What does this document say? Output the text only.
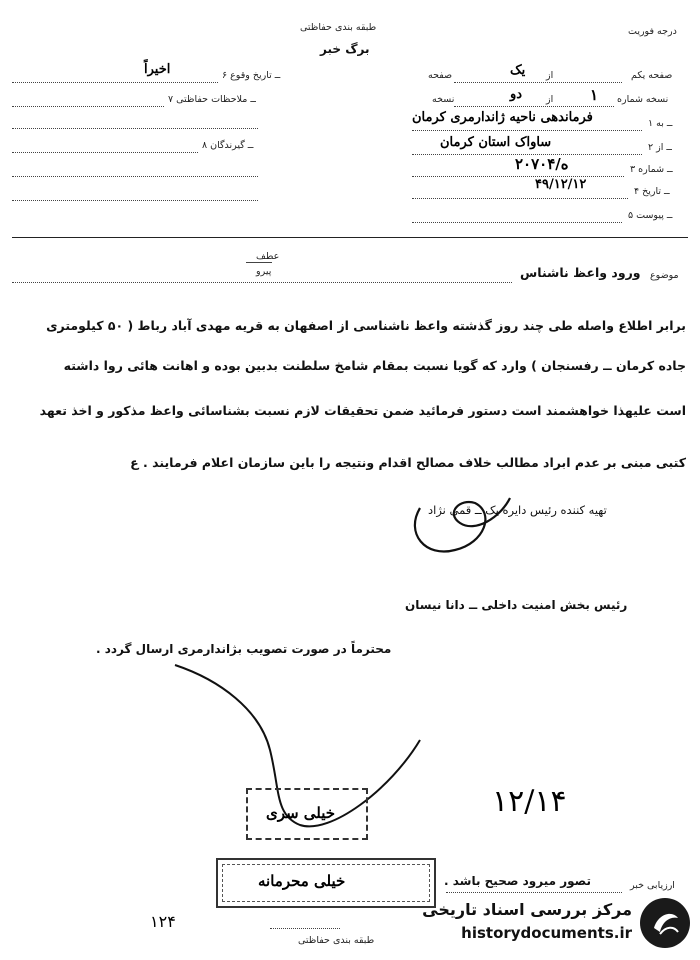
طبقه بندی حفاظتی
برگ خبر
درجه فوریت
صفحه یکم
از
یک
صفحه
نسخه شماره
۱
از
دو
نسخه
۱ ــ به
فرماندهی ناحیه ژاندارمری کرمان
۲ ــ از
ساواک استان کرمان
۳ ــ شماره
۲۰۷۰۴/ه
۴ ــ تاریخ
۴۹/۱۲/۱۲
۵ ــ پیوست
۶ ــ تاریخ وقوع
اخیراً
۷ ــ ملاحظات حفاظتی
۸ ــ گیرندگان
عطف
پیرو	موضوع
ورود واعظ ناشناس
برابر اطلاع واصله طی چند روز گذشته واعظ ناشناسی از اصفهان به قریه مهدی آباد رباط ( ۵۰ کیلومتری
جاده کرمان ــ رفسنجان ) وارد که گویا نسبت بمقام شامخ سلطنت بدبین بوده و اهانت هائی روا داشته
است علیهذا خواهشمند است دستور فرمائید ضمن تحقیقات لازم نسبت بشناسائی واعظ مذکور و اخذ تعهد
کتبی مبنی بر عدم ابراد مطالب خلاف مصالح اقدام ونتیجه را باین سازمان اعلام فرمایند . ع
تهیه کننده رئیس دایره یک ــ قمی نژاد
رئیس بخش امنیت داخلی ــ دانا نیسان
محترماً در صورت تصویب بژاندارمری ارسال گردد .
خیلی سری	۱۲/۱۴
ارزیابی خبر
تصور میرود صحیح باشد .
خیلی محرمانه
۱۲۴
طبقه بندی حفاظتی
مرکز بررسی اسناد تاریخی
historydocuments.ir
